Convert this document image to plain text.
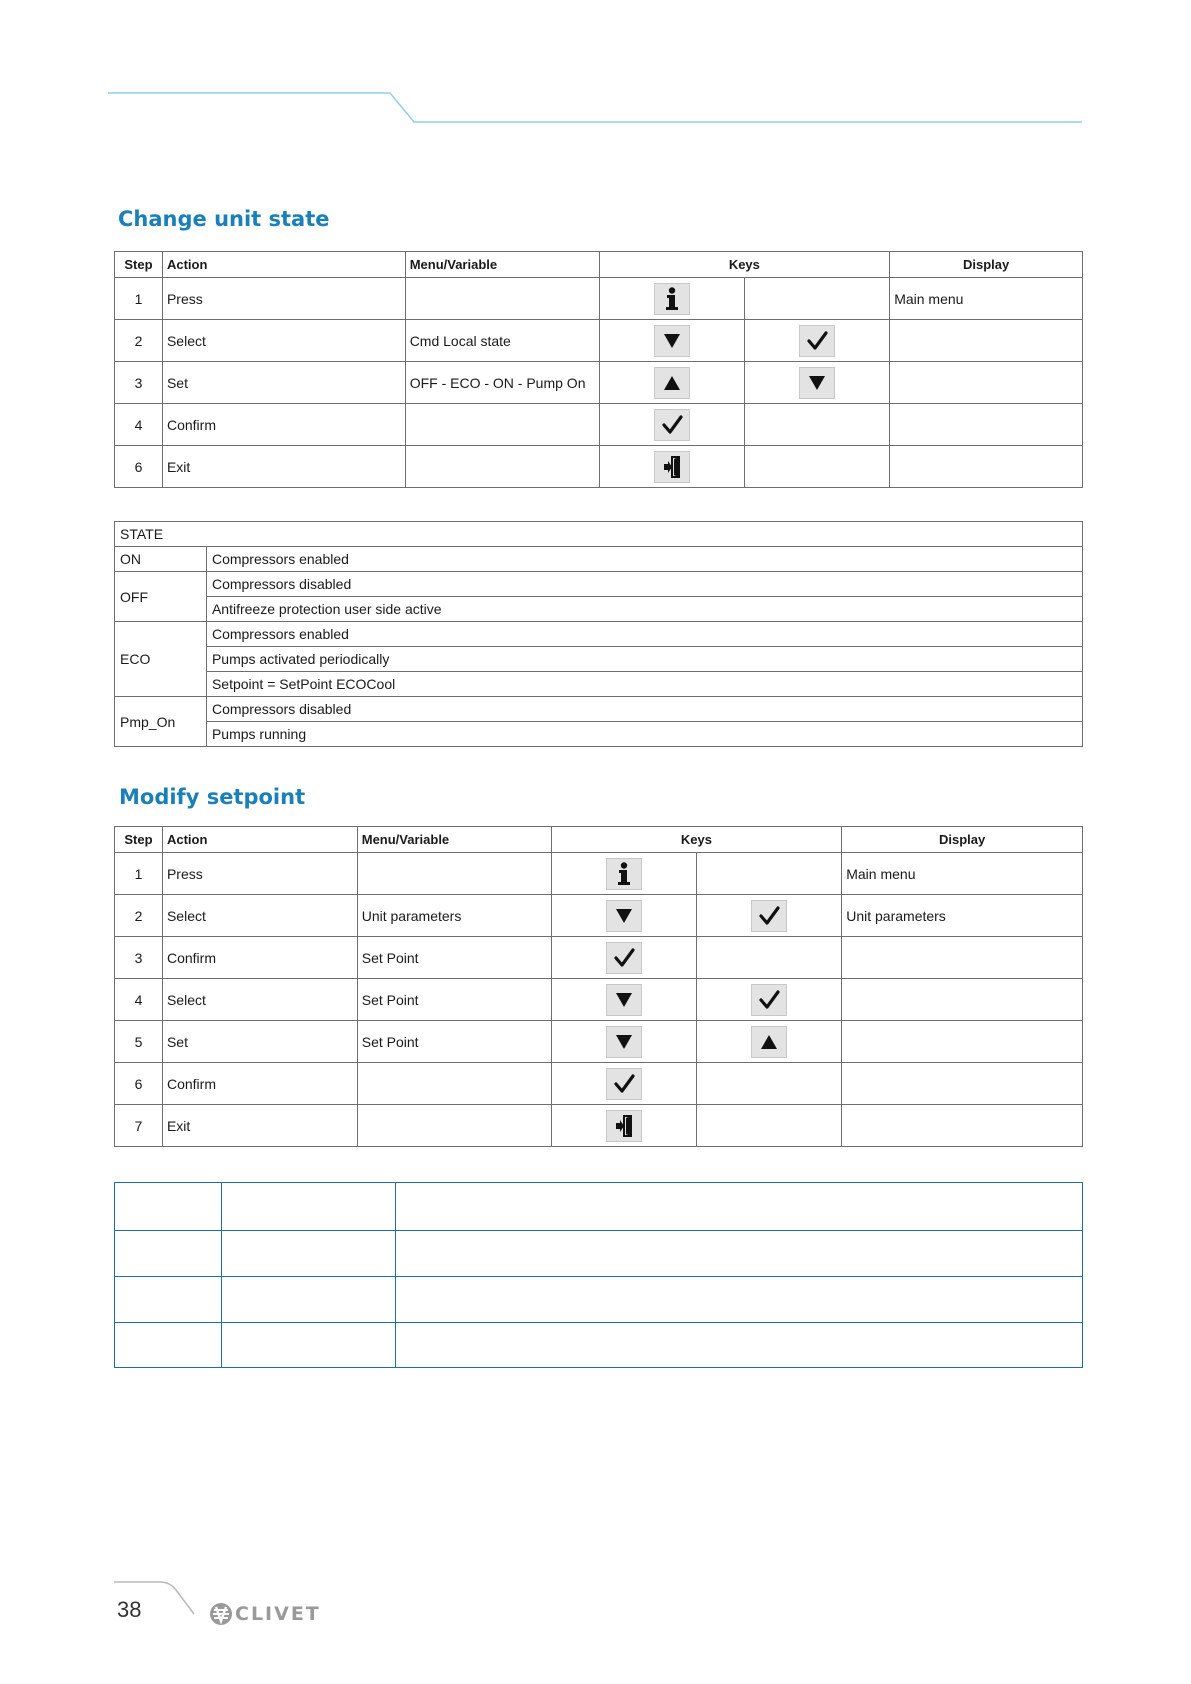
Change unit state
Step	Action	Menu/Variable	Keys		Display
1	Press				Main menu
2	Select	Cmd Local state	

3	Set	OFF - ECO - ON - Pump On	

4	Confirm		

6	Exit		

STATE	
ON	Compressors enabled
OFF	Compressors disabled
	Antifreeze protection user side active
ECO	Compressors enabled
	Pumps activated periodically
	Setpoint = SetPoint ECOCool
Pmp_On	Compressors disabled
	Pumps running
Modify setpoint
Step	Action	Menu/Variable	Keys		Display
1	Press				Main menu
2	Select	Unit parameters			Unit parameters
3	Confirm	Set Point	

4	Select	Set Point	

5	Set	Set Point	

6	Confirm		

7	Exit		

38	CLIVET
